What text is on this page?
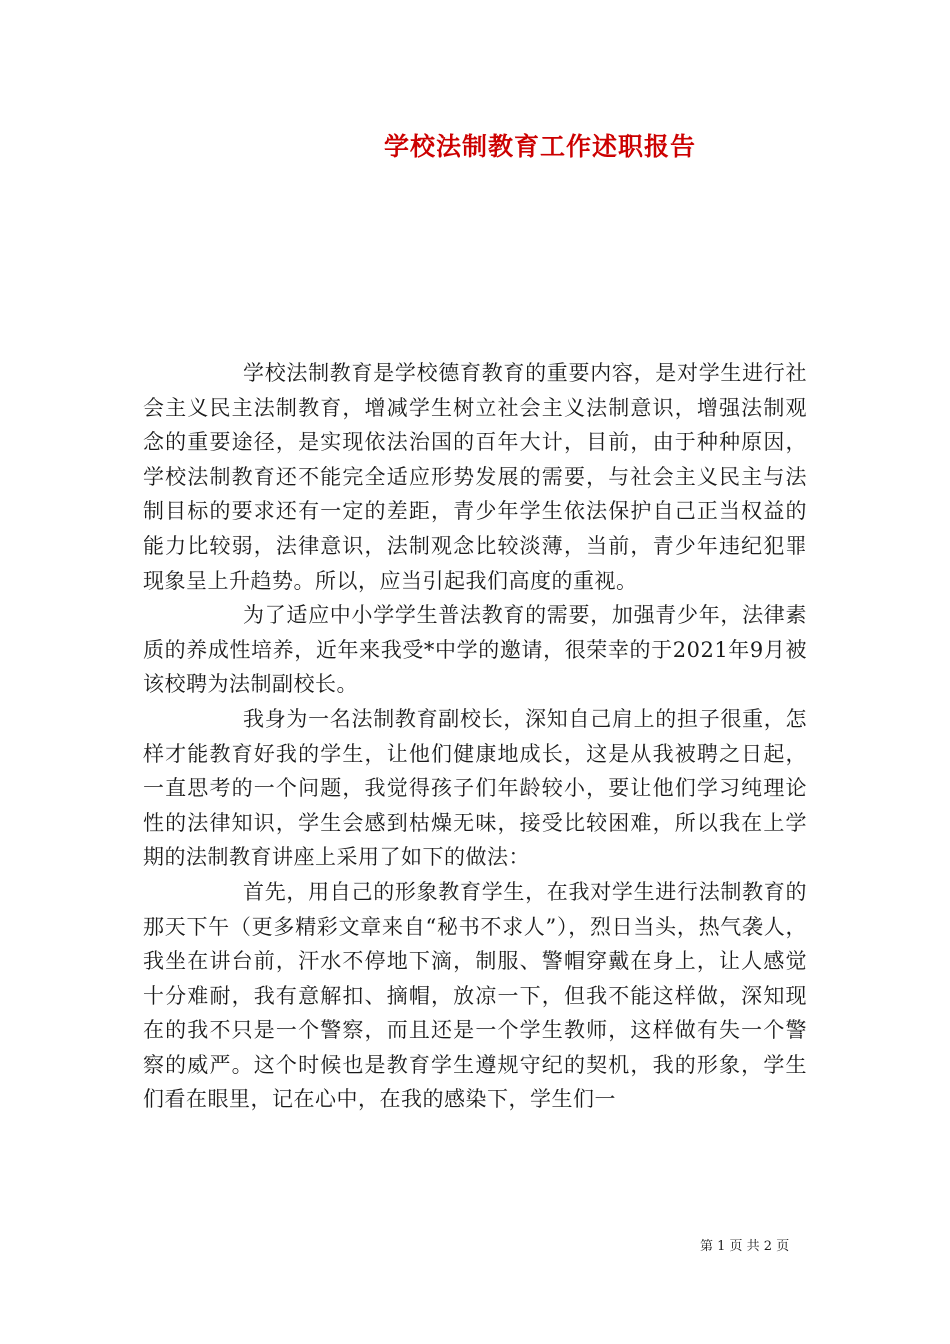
学校法制教育工作述职报告

学校法制教育是学校德育教育的重要内容，是对学生进行社会主义民主法制教育，增减学生树立社会主义法制意识，增强法制观念的重要途径，是实现依法治国的百年大计，目前，由于种种原因，学校法制教育还不能完全适应形势发展的需要，与社会主义民主与法制目标的要求还有一定的差距，青少年学生依法保护自己正当权益的能力比较弱，法律意识，法制观念比较淡薄，当前，青少年违纪犯罪现象呈上升趋势。所以，应当引起我们高度的重视。

为了适应中小学学生普法教育的需要，加强青少年，法律素质的养成性培养，近年来我受*中学的邀请，很荣幸的于2021年9月被该校聘为法制副校长。

我身为一名法制教育副校长，深知自己肩上的担子很重，怎样才能教育好我的学生，让他们健康地成长，这是从我被聘之日起，一直思考的一个问题，我觉得孩子们年龄较小，要让他们学习纯理论性的法律知识，学生会感到枯燥无味，接受比较困难，所以我在上学期的法制教育讲座上采用了如下的做法：

首先，用自己的形象教育学生，在我对学生进行法制教育的那天下午（更多精彩文章来自“秘书不求人”），烈日当头，热气袭人，我坐在讲台前，汗水不停地下滴，制服、警帽穿戴在身上，让人感觉十分难耐，我有意解扣、摘帽，放凉一下，但我不能这样做，深知现在的我不只是一个警察，而且还是一个学生教师，这样做有失一个警察的威严。这个时候也是教育学生遵规守纪的契机，我的形象，学生们看在眼里，记在心中，在我的感染下，学生们一

第 1 页 共 2 页
